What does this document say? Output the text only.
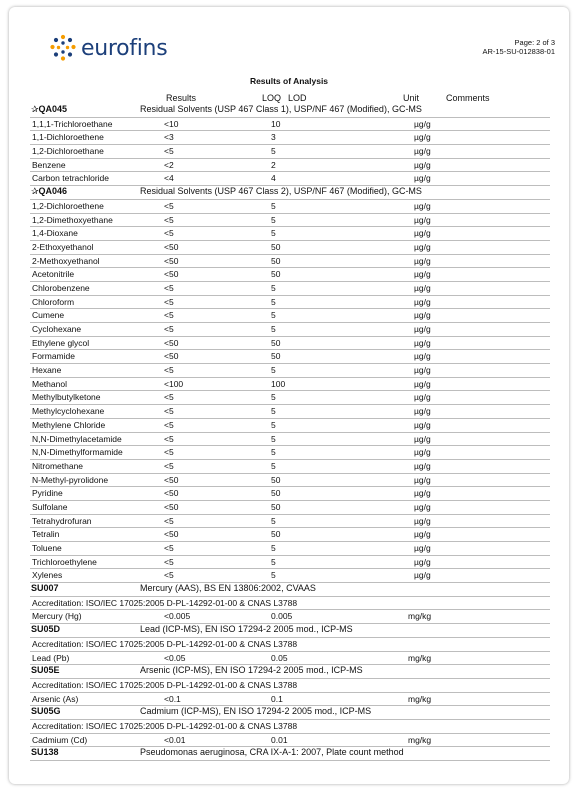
eurofins	Page: 2 of 3
AR-15-SU-012838-01
Results of Analysis
Results	LOQ LOD	Unit	Comments
✰QA045	Residual Solvents (USP 467 Class 1), USP/NF 467 (Modified), GC-MS
1,1,1-Trichloroethane	<10	10	µg/g
1,1-Dichloroethene	<3	3	µg/g
1,2-Dichloroethane	<5	5	µg/g
Benzene	<2	2	µg/g
Carbon tetrachloride	<4	4	µg/g
✰QA046	Residual Solvents (USP 467 Class 2), USP/NF 467 (Modified), GC-MS
1,2-Dichloroethene	<5	5	µg/g
1,2-Dimethoxyethane	<5	5	µg/g
1,4-Dioxane	<5	5	µg/g
2-Ethoxyethanol	<50	50	µg/g
2-Methoxyethanol	<50	50	µg/g
Acetonitrile	<50	50	µg/g
Chlorobenzene	<5	5	µg/g
Chloroform	<5	5	µg/g
Cumene	<5	5	µg/g
Cyclohexane	<5	5	µg/g
Ethylene glycol	<50	50	µg/g
Formamide	<50	50	µg/g
Hexane	<5	5	µg/g
Methanol	<100	100	µg/g
Methylbutylketone	<5	5	µg/g
Methylcyclohexane	<5	5	µg/g
Methylene Chloride	<5	5	µg/g
N,N-Dimethylacetamide	<5	5	µg/g
N,N-Dimethylformamide	<5	5	µg/g
Nitromethane	<5	5	µg/g
N-Methyl-pyrolidone	<50	50	µg/g
Pyridine	<50	50	µg/g
Sulfolane	<50	50	µg/g
Tetrahydrofuran	<5	5	µg/g
Tetralin	<50	50	µg/g
Toluene	<5	5	µg/g
Trichloroethylene	<5	5	µg/g
Xylenes	<5	5	µg/g
SU007	Mercury (AAS), BS EN 13806:2002, CVAAS
Accreditation: ISO/IEC 17025:2005 D-PL-14292-01-00 & CNAS L3788
Mercury (Hg)	<0.005	0.005	mg/kg
SU05D	Lead (ICP-MS), EN ISO 17294-2 2005 mod., ICP-MS
Accreditation: ISO/IEC 17025:2005 D-PL-14292-01-00 & CNAS L3788
Lead (Pb)	<0.05	0.05	mg/kg
SU05E	Arsenic (ICP-MS), EN ISO 17294-2 2005 mod., ICP-MS
Accreditation: ISO/IEC 17025:2005 D-PL-14292-01-00 & CNAS L3788
Arsenic (As)	<0.1	0.1	mg/kg
SU05G	Cadmium (ICP-MS), EN ISO 17294-2 2005 mod., ICP-MS
Accreditation: ISO/IEC 17025:2005 D-PL-14292-01-00 & CNAS L3788
Cadmium (Cd)	<0.01	0.01	mg/kg
SU138	Pseudomonas aeruginosa, CRA IX-A-1: 2007, Plate count method
